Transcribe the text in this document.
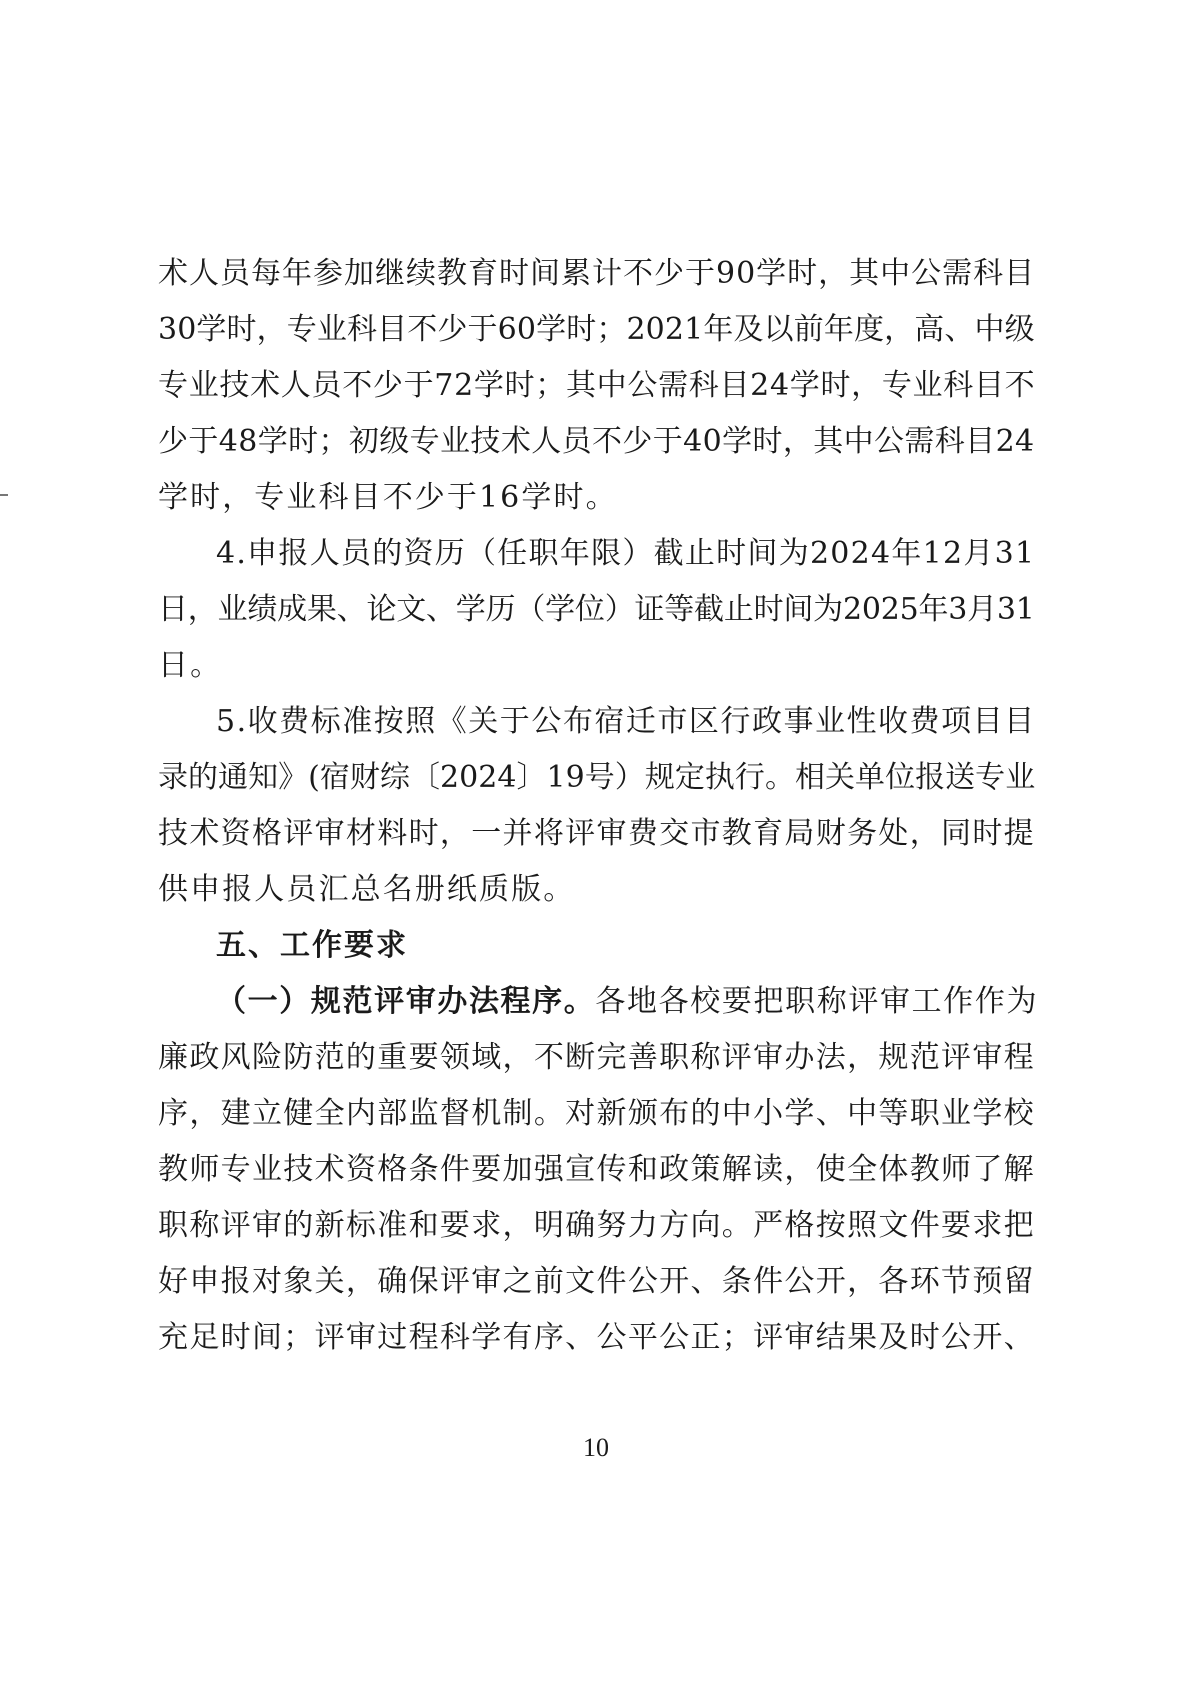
术人员每年参加继续教育时间累计不少于90学时，其中公需科目
30学时，专业科目不少于60学时；2021年及以前年度，高、中级
专业技术人员不少于72学时；其中公需科目24学时，专业科目不
少于48学时；初级专业技术人员不少于40学时，其中公需科目24
学时，专业科目不少于16学时。
4.申报人员的资历（任职年限）截止时间为2024年12月31
日，业绩成果、论文、学历（学位）证等截止时间为2025年3月31
日。
5.收费标准按照《关于公布宿迁市区行政事业性收费项目目
录的通知》(宿财综〔2024〕19号）规定执行。相关单位报送专业
技术资格评审材料时，一并将评审费交市教育局财务处，同时提
供申报人员汇总名册纸质版。
五、工作要求
（一）规范评审办法程序。各地各校要把职称评审工作作为
廉政风险防范的重要领域，不断完善职称评审办法，规范评审程
序，建立健全内部监督机制。对新颁布的中小学、中等职业学校
教师专业技术资格条件要加强宣传和政策解读，使全体教师了解
职称评审的新标准和要求，明确努力方向。严格按照文件要求把
好申报对象关，确保评审之前文件公开、条件公开，各环节预留
充足时间；评审过程科学有序、公平公正；评审结果及时公开、
10
